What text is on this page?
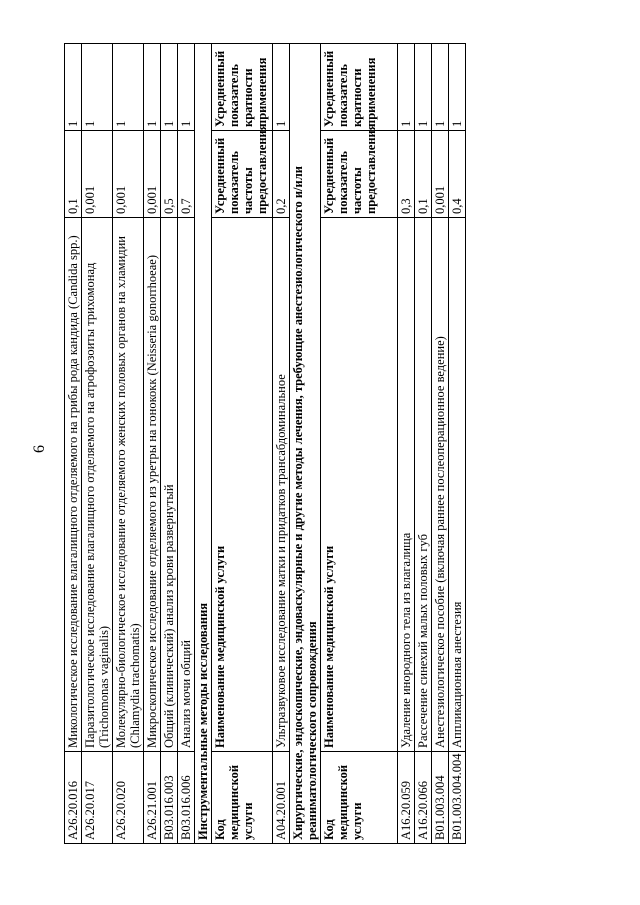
6
A26.20.016	Микологическое исследование влагалищного отделяемого на грибы рода кандида (Candida spp.)	0,1	1
A26.20.017	Паразитологическое исследование влагалищного отделяемого на атрофозоиты трихомонад (Trichomonas vaginalis)	0,001	1
A26.20.020	Молекулярно-биологическое исследование отделяемого женских половых органов на хламидии (Chlamydia trachomatis)	0,001	1
A26.21.001	Микроскопическое исследование отделяемого из уретры на гонококк (Neisseria gonorrhoeae)	0,001	1
B03.016.003	Общий (клинический) анализ крови развернутый	0,5	1
B03.016.006	Анализ мочи общий	0,7	1
Инструментальные методы исследования			
Код медицинской услуги	Наименование медицинской услуги	Усредненный показатель частоты предоставления	Усредненный показатель кратности применения
A04.20.001	Ультразвуковое исследование матки и придатков трансабдоминальное	0,2	1
Хирургические, эндоскопические, эндоваскулярные и другие методы лечения, требующие анестезиологического и/или реаниматологического сопровождения			
Код медицинской услуги	Наименование медицинской услуги	Усредненный показатель частоты предоставления	Усредненный показатель кратности применения
A16.20.059	Удаление инородного тела из влагалища	0,3	1
A16.20.066	Рассечение синехий малых половых губ	0,1	1
B01.003.004	Анестезиологическое пособие (включая раннее послеоперационное ведение)	0,001	1
B01.003.004.004	Аппликационная анестезия	0,4	1
